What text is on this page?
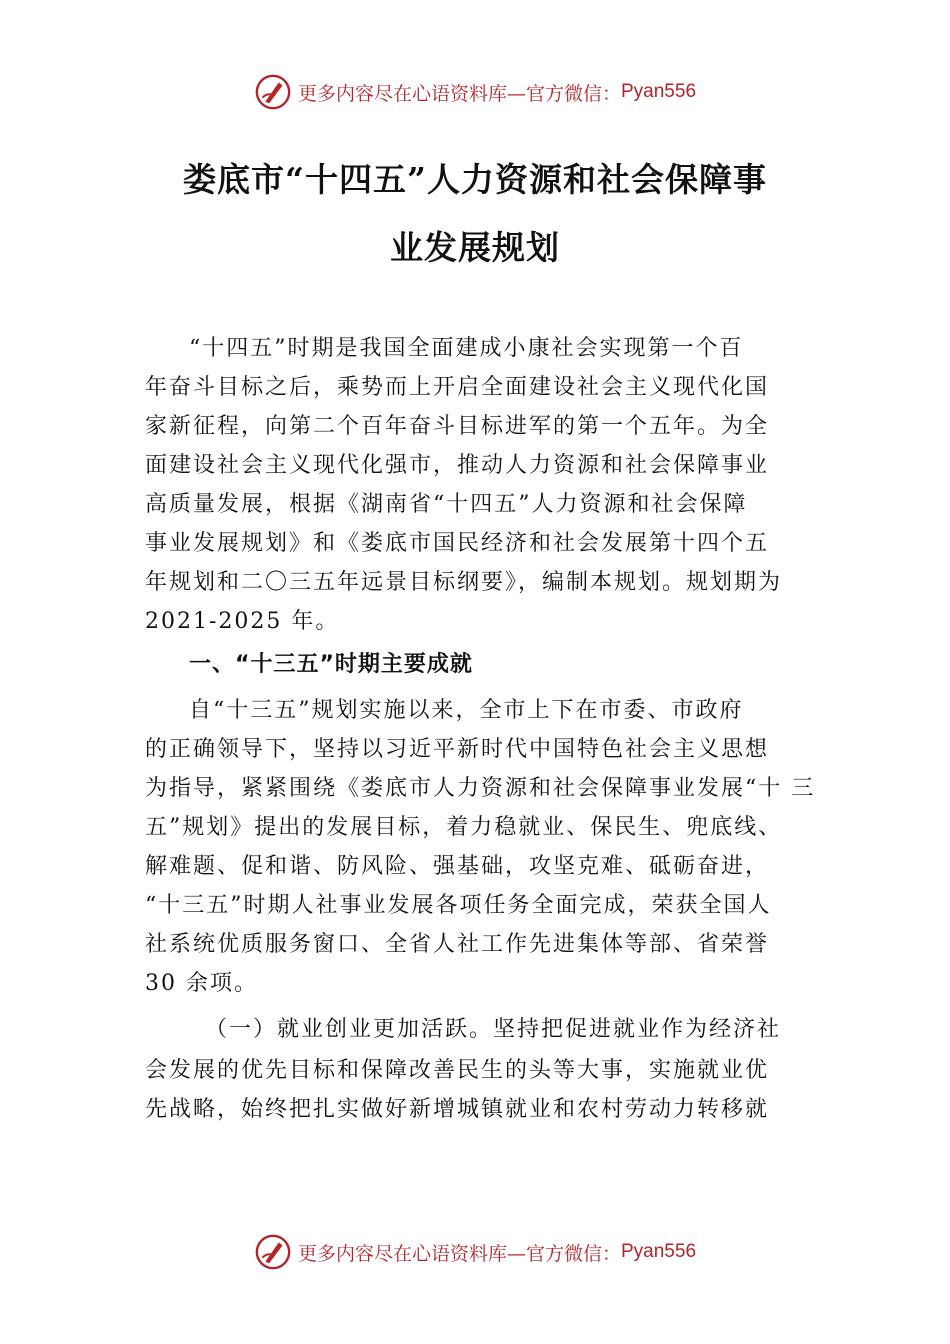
更多内容尽在心语资料库—官方微信： Pyan556
娄底市“十四五”人力资源和社会保障事
业发展规划
“十四五”时期是我国全面建成小康社会实现第一个百
年奋斗目标之后，乘势而上开启全面建设社会主义现代化国
家新征程，向第二个百年奋斗目标进军的第一个五年。为全
面建设社会主义现代化强市，推动人力资源和社会保障事业
高质量发展，根据《湖南省“十四五”人力资源和社会保障
事业发展规划》和《娄底市国民经济和社会发展第十四个五
年规划和二〇三五年远景目标纲要》，编制本规划。规划期为
2021-2025 年。
一、“十三五”时期主要成就
自“十三五”规划实施以来，全市上下在市委、市政府
的正确领导下，坚持以习近平新时代中国特色社会主义思想
为指导，紧紧围绕《娄底市人力资源和社会保障事业发展“十 三
五”规划》提出的发展目标，着力稳就业、保民生、兜底线、
解难题、促和谐、防风险、强基础，攻坚克难、砥砺奋进，
“十三五”时期人社事业发展各项任务全面完成，荣获全国人
社系统优质服务窗口、全省人社工作先进集体等部、省荣誉
30 余项。
（一）就业创业更加活跃。坚持把促进就业作为经济社
会发展的优先目标和保障改善民生的头等大事，实施就业优
先战略，始终把扎实做好新增城镇就业和农村劳动力转移就
更多内容尽在心语资料库—官方微信： Pyan556
